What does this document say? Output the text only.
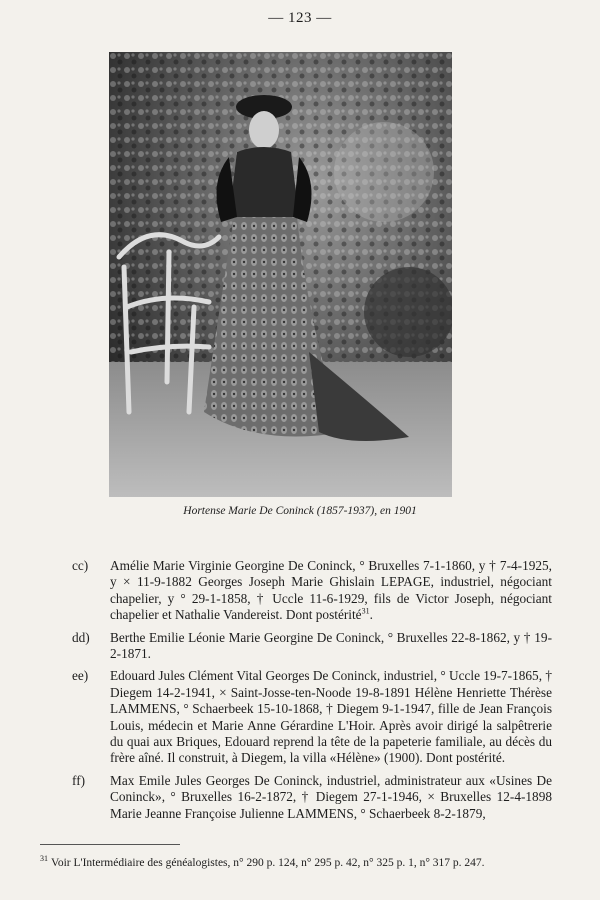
— 123 —
Hortense Marie De Coninck (1857-1937), en 1901
cc)	Amélie Marie Virginie Georgine De Coninck, ° Bruxelles 7-1-1860, y † 7-4-1925, y × 11-9-1882 Georges Joseph Marie Ghislain LEPAGE, industriel, négociant chapelier, y ° 29-1-1858, † Uccle 11-6-1929, fils de Victor Joseph, négociant chapelier et Nathalie Vandereist. Dont postérité$^{31}$.
dd)	Berthe Emilie Léonie Marie Georgine De Coninck, ° Bruxelles 22-8-1862, y † 19-2-1871.
ee)	Edouard Jules Clément Vital Georges De Coninck, industriel, ° Uccle 19-7-1865, † Diegem 14-2-1941, × Saint-Josse-ten-Noode 19-8-1891 Hélène Henriette Thérèse LAMMENS, ° Schaerbeek 15-10-1868, † Diegem 9-1-1947, fille de Jean François Louis, médecin et Marie Anne Gérardine L'Hoir. Après avoir dirigé la salpêtrerie du quai aux Briques, Edouard reprend la tête de la papeterie familiale, au décès du frère aîné. Il construit, à Diegem, la villa «Hélène» (1900). Dont postérité.
ff)	Max Emile Jules Georges De Coninck, industriel, administrateur aux «Usines De Coninck», ° Bruxelles 16-2-1872, † Diegem 27-1-1946, × Bruxelles 12-4-1898 Marie Jeanne Françoise Julienne LAMMENS, ° Schaerbeek 8-2-1879,
$^{31}$ Voir L'Intermédiaire des généalogistes, n° 290 p. 124, n° 295 p. 42, n° 325 p. 1, n° 317 p. 247.
